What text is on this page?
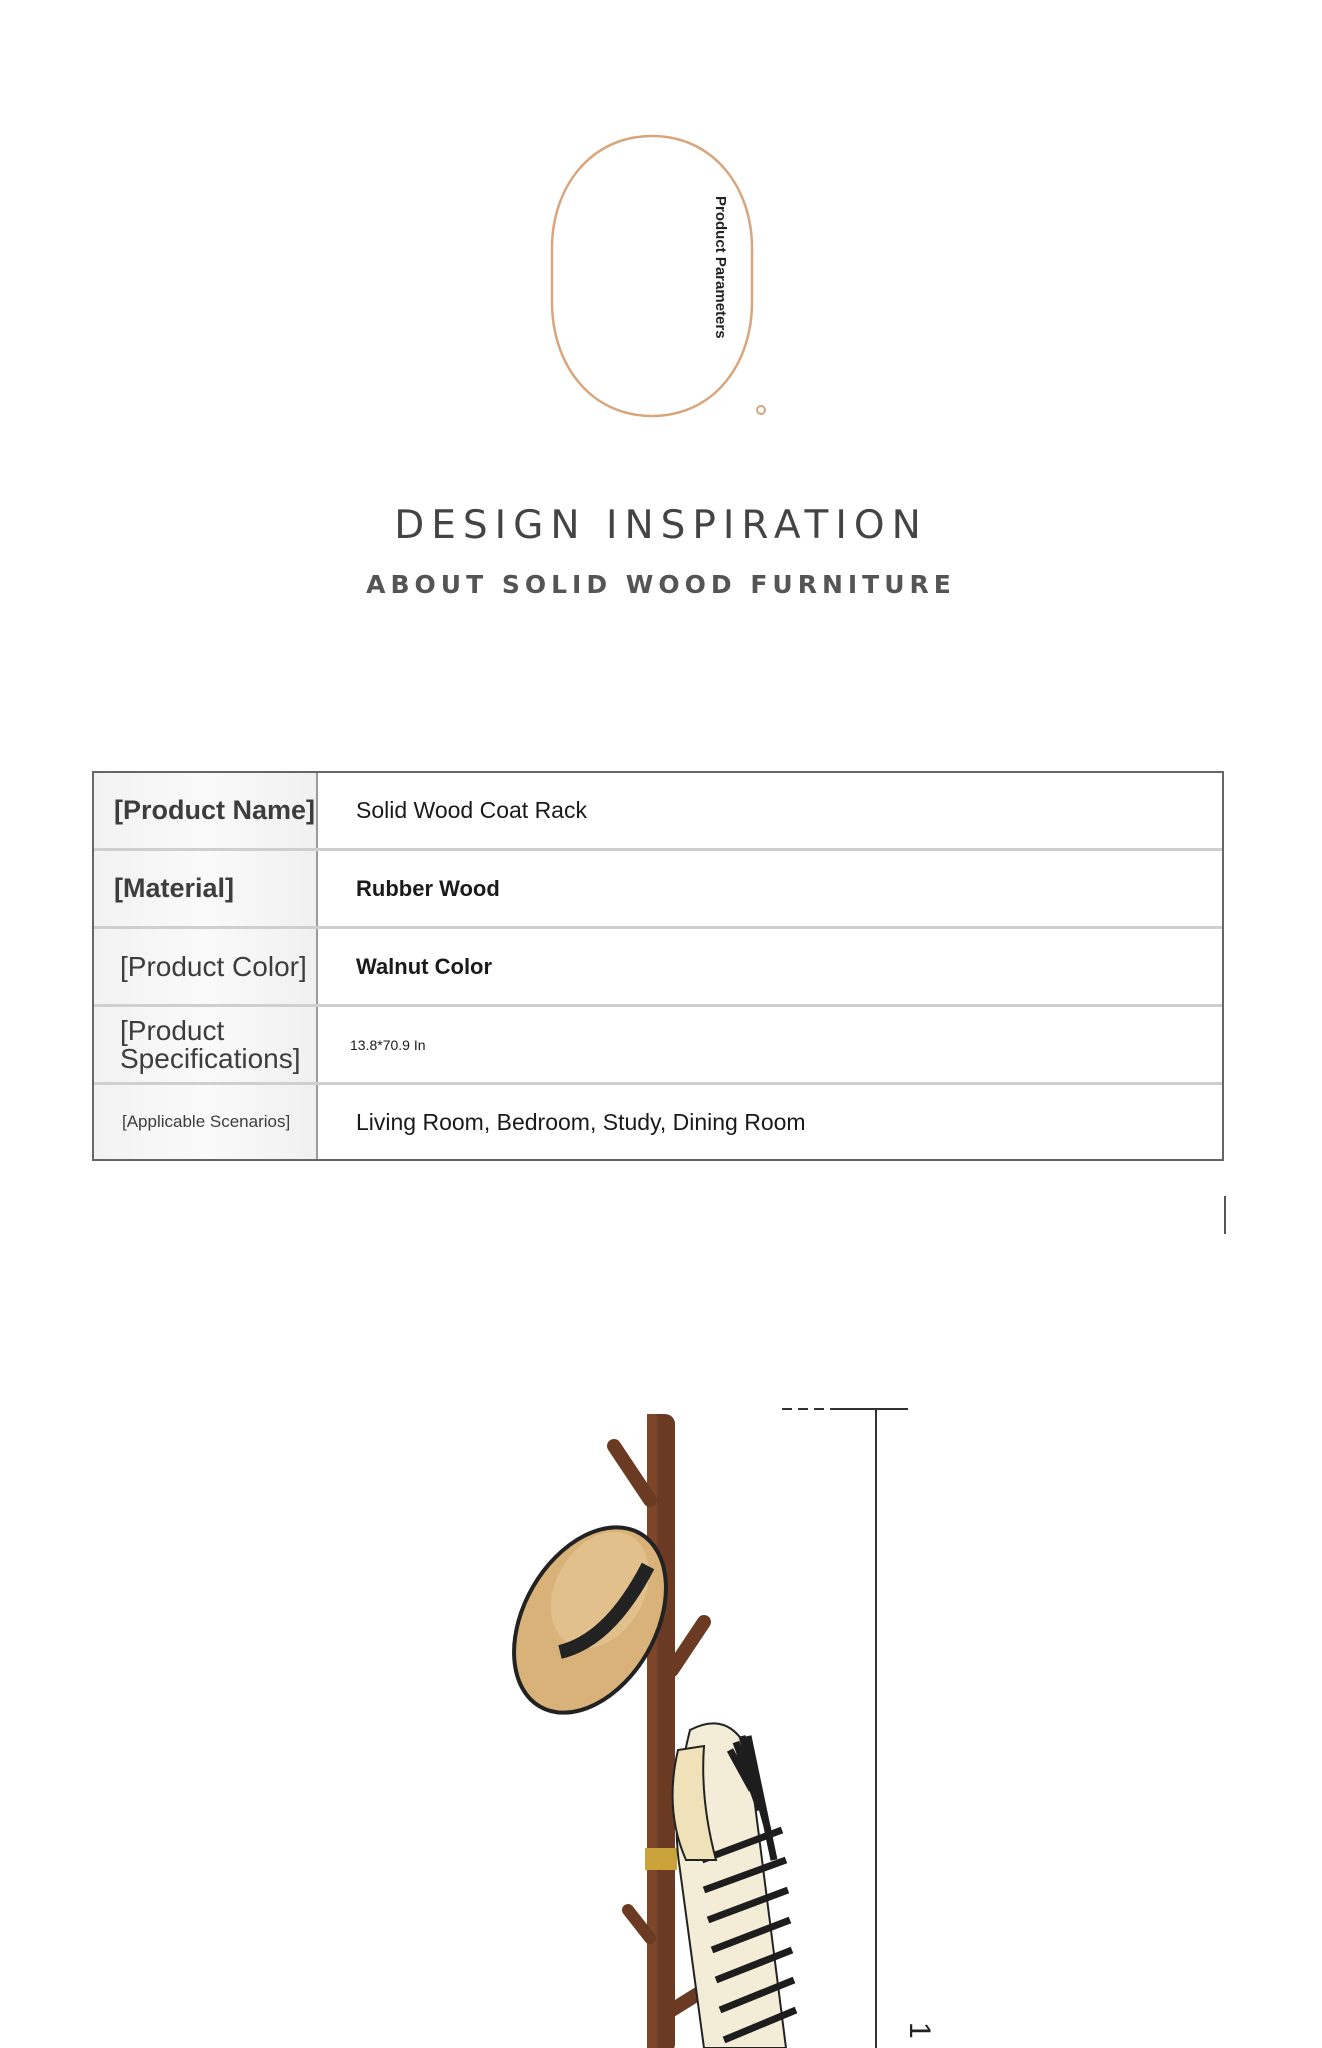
Product Parameters
DESIGN INSPIRATION
ABOUT SOLID WOOD FURNITURE
[Product Name]	Solid Wood Coat Rack
[Material]	Rubber Wood
[Product Color]	Walnut Color
[Product Specifications]	13.8*70.9 In
[Applicable Scenarios]	Living Room, Bedroom, Study, Dining Room
1
